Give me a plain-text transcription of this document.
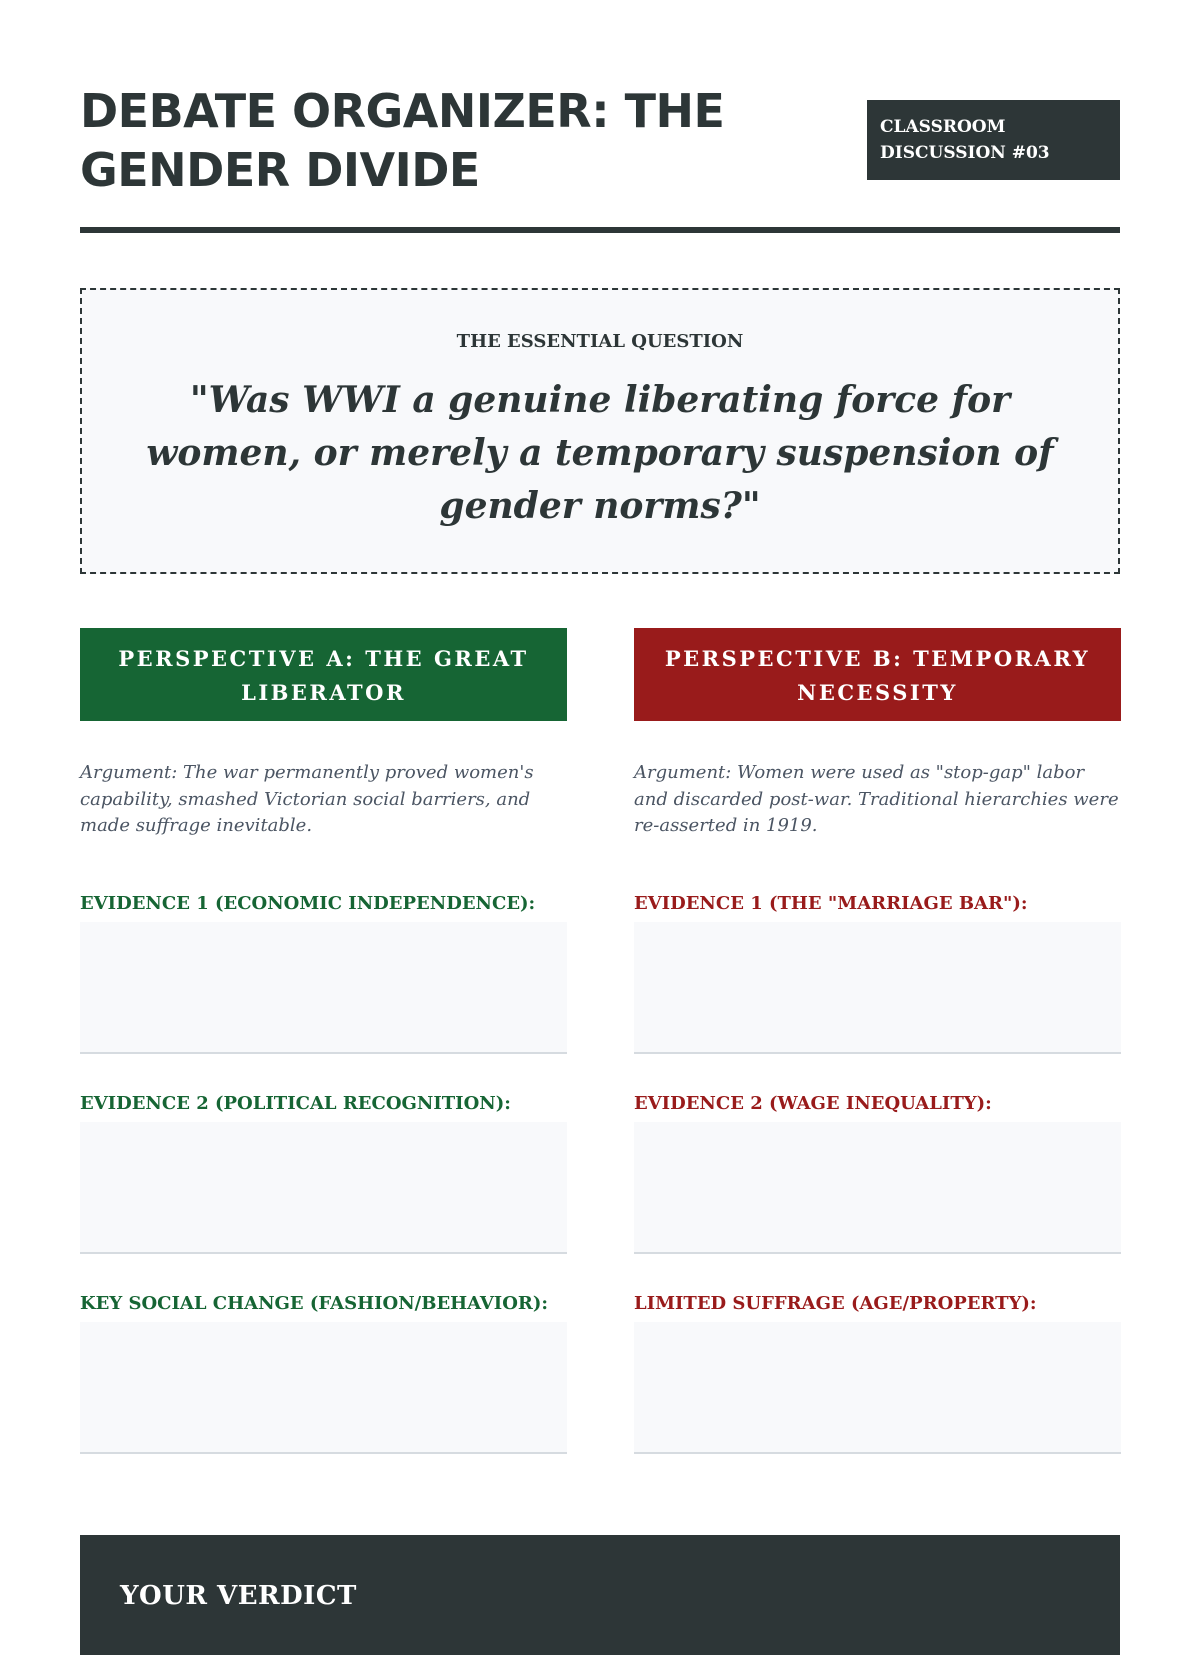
DEBATE ORGANIZER: THE GENDER DIVIDE
CLASSROOM DISCUSSION #03
THE ESSENTIAL QUESTION
"Was WWI a genuine liberating force for women, or merely a temporary suspension of gender norms?"
PERSPECTIVE A: THE GREAT LIBERATOR

Argument: The war permanently proved women's capability, smashed Victorian social barriers, and made suffrage inevitable.

EVIDENCE 1 (ECONOMIC INDEPENDENCE):
EVIDENCE 2 (POLITICAL RECOGNITION):
KEY SOCIAL CHANGE (FASHION/BEHAVIOR):
PERSPECTIVE B: TEMPORARY NECESSITY

Argument: Women were used as "stop-gap" labor and discarded post-war. Traditional hierarchies were re-asserted in 1919.

EVIDENCE 1 (THE "MARRIAGE BAR"):
EVIDENCE 2 (WAGE INEQUALITY):
LIMITED SUFFRAGE (AGE/PROPERTY):
YOUR VERDICT
